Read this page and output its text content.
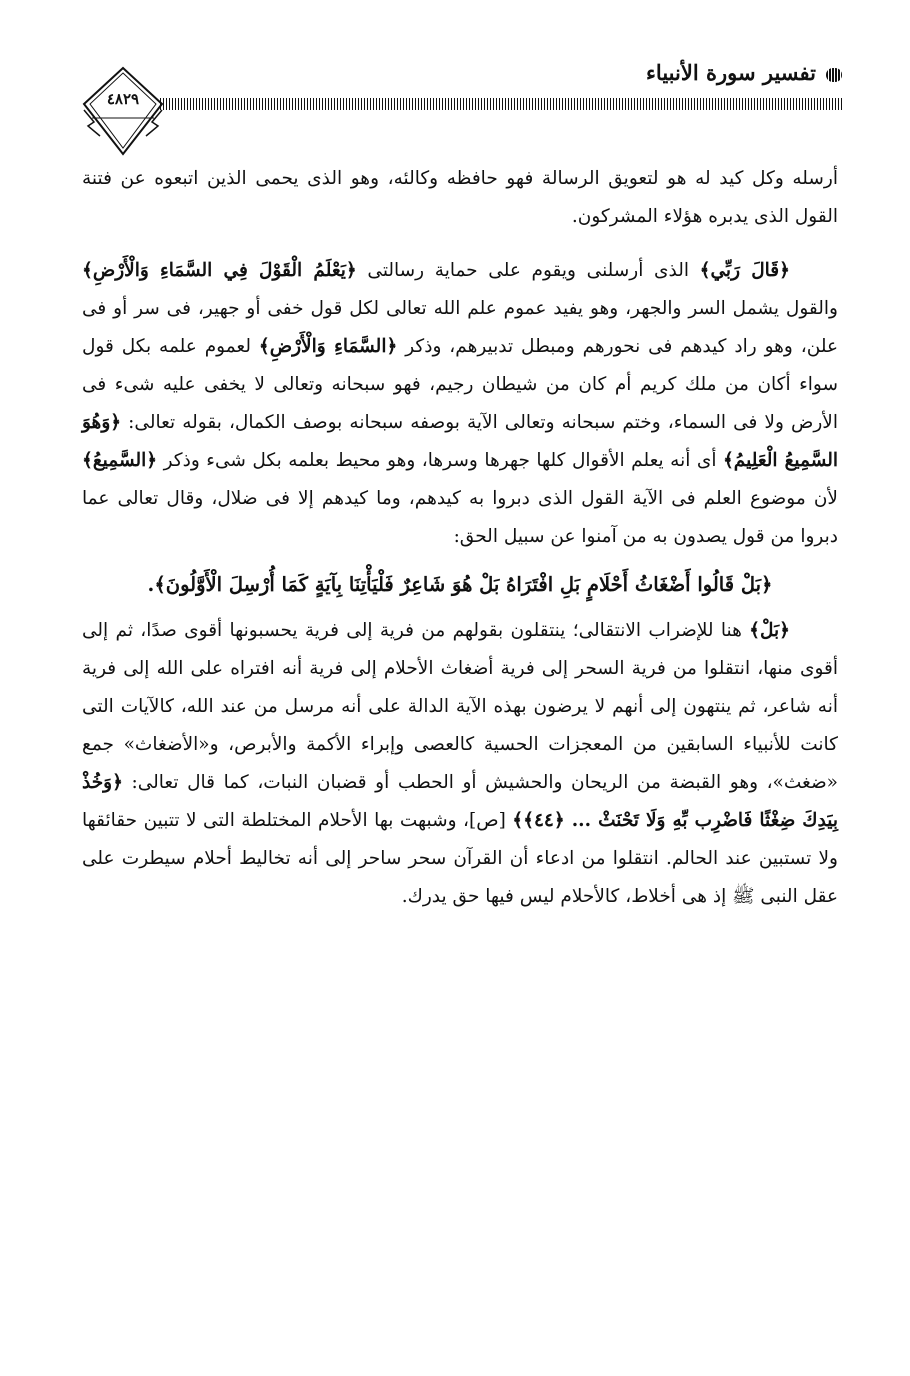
تفسير سورة الأنبياء
٤٨٢٩

أرسله وكل كيد له هو لتعويق الرسالة فهو حافظه وكالئه، وهو الذى يحمى الذين اتبعوه عن فتنة القول الذى يدبره هؤلاء المشركون.

﴿قَالَ رَبِّي﴾ الذى أرسلنى ويقوم على حماية رسالتى ﴿يَعْلَمُ الْقَوْلَ فِي السَّمَاءِ وَالْأَرْضِ﴾ والقول يشمل السر والجهر، وهو يفيد عموم علم الله تعالى لكل قول خفى أو جهير، فى سر أو فى علن، وهو راد كيدهم فى نحورهم ومبطل تدبيرهم، وذكر ﴿السَّمَاءِ وَالْأَرْضِ﴾ لعموم علمه بكل قول سواء أكان من ملك كريم أم كان من شيطان رجيم، فهو سبحانه وتعالى لا يخفى عليه شىء فى الأرض ولا فى السماء، وختم سبحانه وتعالى الآية بوصفه سبحانه بوصف الكمال، بقوله تعالى: ﴿وَهُوَ السَّمِيعُ الْعَلِيمُ﴾ أى أنه يعلم الأقوال كلها جهرها وسرها، وهو محيط بعلمه بكل شىء وذكر ﴿السَّمِيعُ﴾ لأن موضوع العلم فى الآية القول الذى دبروا به كيدهم، وما كيدهم إلا فى ضلال، وقال تعالى عما دبروا من قول يصدون به من آمنوا عن سبيل الحق:

﴿بَلْ قَالُوا أَضْغَاثُ أَحْلَامٍ بَلِ افْتَرَاهُ بَلْ هُوَ شَاعِرٌ فَلْيَأْتِنَا بِآيَةٍ كَمَا أُرْسِلَ الْأَوَّلُونَ﴾.

﴿بَلْ﴾ هنا للإضراب الانتقالى؛ ينتقلون بقولهم من فرية إلى فرية يحسبونها أقوى صدًا، ثم إلى أقوى منها، انتقلوا من فرية السحر إلى فرية أضغاث الأحلام إلى فرية أنه افتراه على الله إلى فرية أنه شاعر، ثم ينتهون إلى أنهم لا يرضون بهذه الآية الدالة على أنه مرسل من عند الله، كالآيات التى كانت للأنبياء السابقين من المعجزات الحسية كالعصى وإبراء الأكمة والأبرص، و«الأضغاث» جمع «ضغث»، وهو القبضة من الريحان والحشيش أو الحطب أو قضبان النبات، كما قال تعالى: ﴿وَخُذْ بِيَدِكَ ضِغْثًا فَاضْرِب بِّهِ وَلَا تَحْنَثْ ... ﴿٤٤﴾﴾ [ص]، وشبهت بها الأحلام المختلطة التى لا تتبين حقائقها ولا تستبين عند الحالم. انتقلوا من ادعاء أن القرآن سحر ساحر إلى أنه تخاليط أحلام سيطرت على عقل النبى ﷺ إذ هى أخلاط، كالأحلام ليس فيها حق يدرك.
